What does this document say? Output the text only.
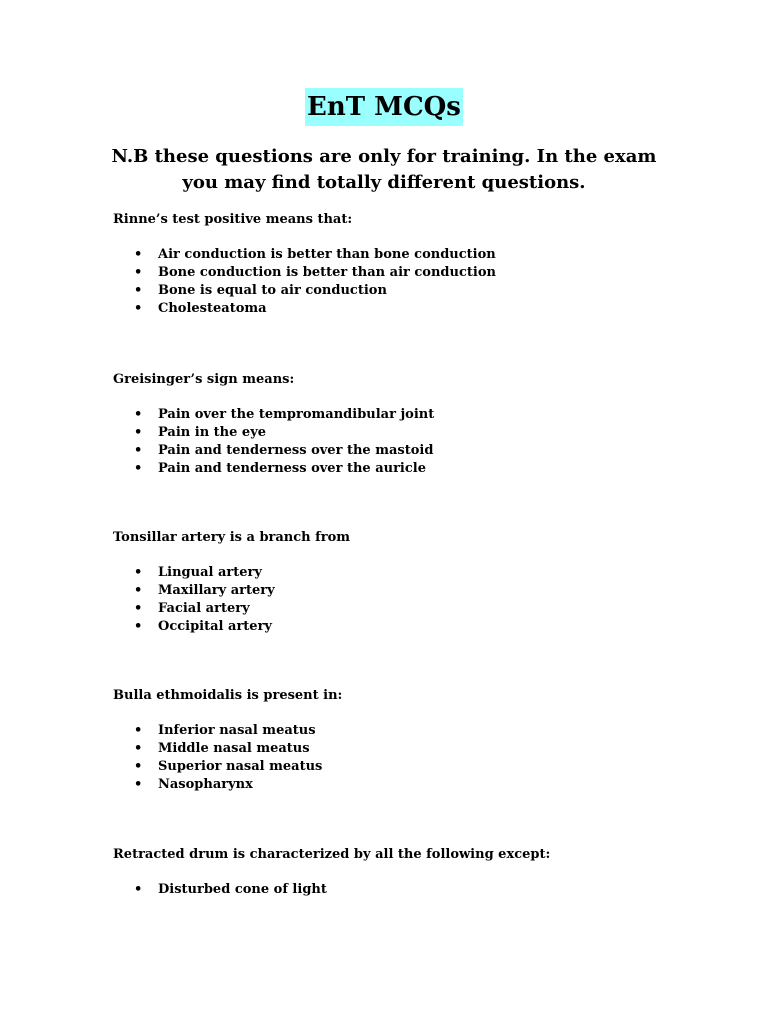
EnT MCQs
N.B these questions are only for training. In the exam
you may find totally different questions.

Rinne’s test positive means that:

• Air conduction is better than bone conduction
• Bone conduction is better than air conduction
• Bone is equal to air conduction
• Cholesteatoma

Greisinger’s sign means:

• Pain over the tempromandibular joint
• Pain in the eye
• Pain and tenderness over the mastoid
• Pain and tenderness over the auricle

Tonsillar artery is a branch from

• Lingual artery
• Maxillary artery
• Facial artery
• Occipital artery

Bulla ethmoidalis is present in:

• Inferior nasal meatus
• Middle nasal meatus
• Superior nasal meatus
• Nasopharynx

Retracted drum is characterized by all the following except:

• Disturbed cone of light
